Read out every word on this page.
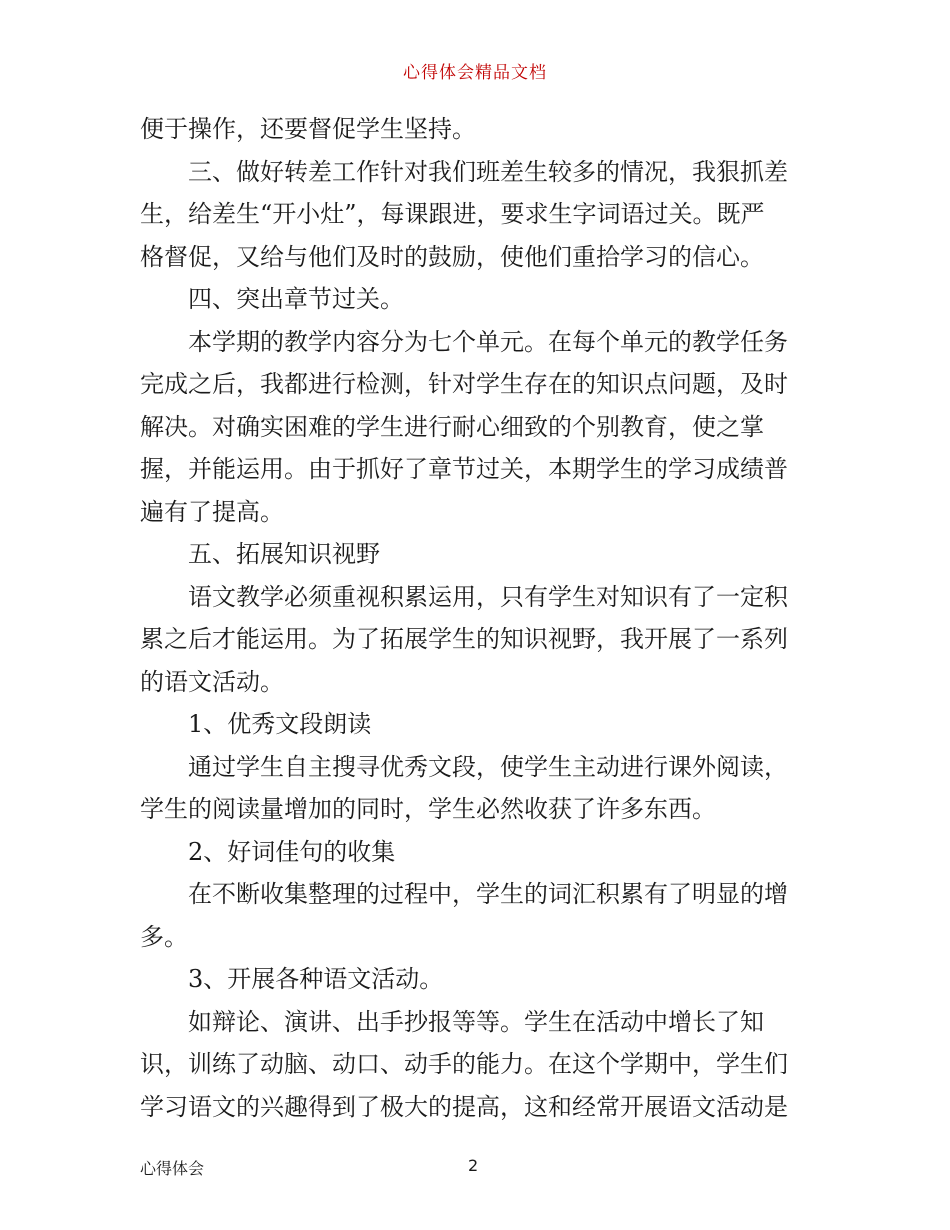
心得体会精品文档
便于操作，还要督促学生坚持。
三、做好转差工作针对我们班差生较多的情况，我狠抓差
生，给差生“开小灶”，每课跟进，要求生字词语过关。既严
格督促，又给与他们及时的鼓励，使他们重拾学习的信心。
四、突出章节过关。
本学期的教学内容分为七个单元。在每个单元的教学任务
完成之后，我都进行检测，针对学生存在的知识点问题，及时
解决。对确实困难的学生进行耐心细致的个别教育，使之掌
握，并能运用。由于抓好了章节过关，本期学生的学习成绩普
遍有了提高。
五、拓展知识视野
语文教学必须重视积累运用，只有学生对知识有了一定积
累之后才能运用。为了拓展学生的知识视野，我开展了一系列
的语文活动。
1、优秀文段朗读
通过学生自主搜寻优秀文段，使学生主动进行课外阅读，
学生的阅读量增加的同时，学生必然收获了许多东西。
2、好词佳句的收集
在不断收集整理的过程中，学生的词汇积累有了明显的增
多。
3、开展各种语文活动。
如辩论、演讲、出手抄报等等。学生在活动中增长了知
识，训练了动脑、动口、动手的能力。在这个学期中，学生们
学习语文的兴趣得到了极大的提高，这和经常开展语文活动是
心得体会	2
